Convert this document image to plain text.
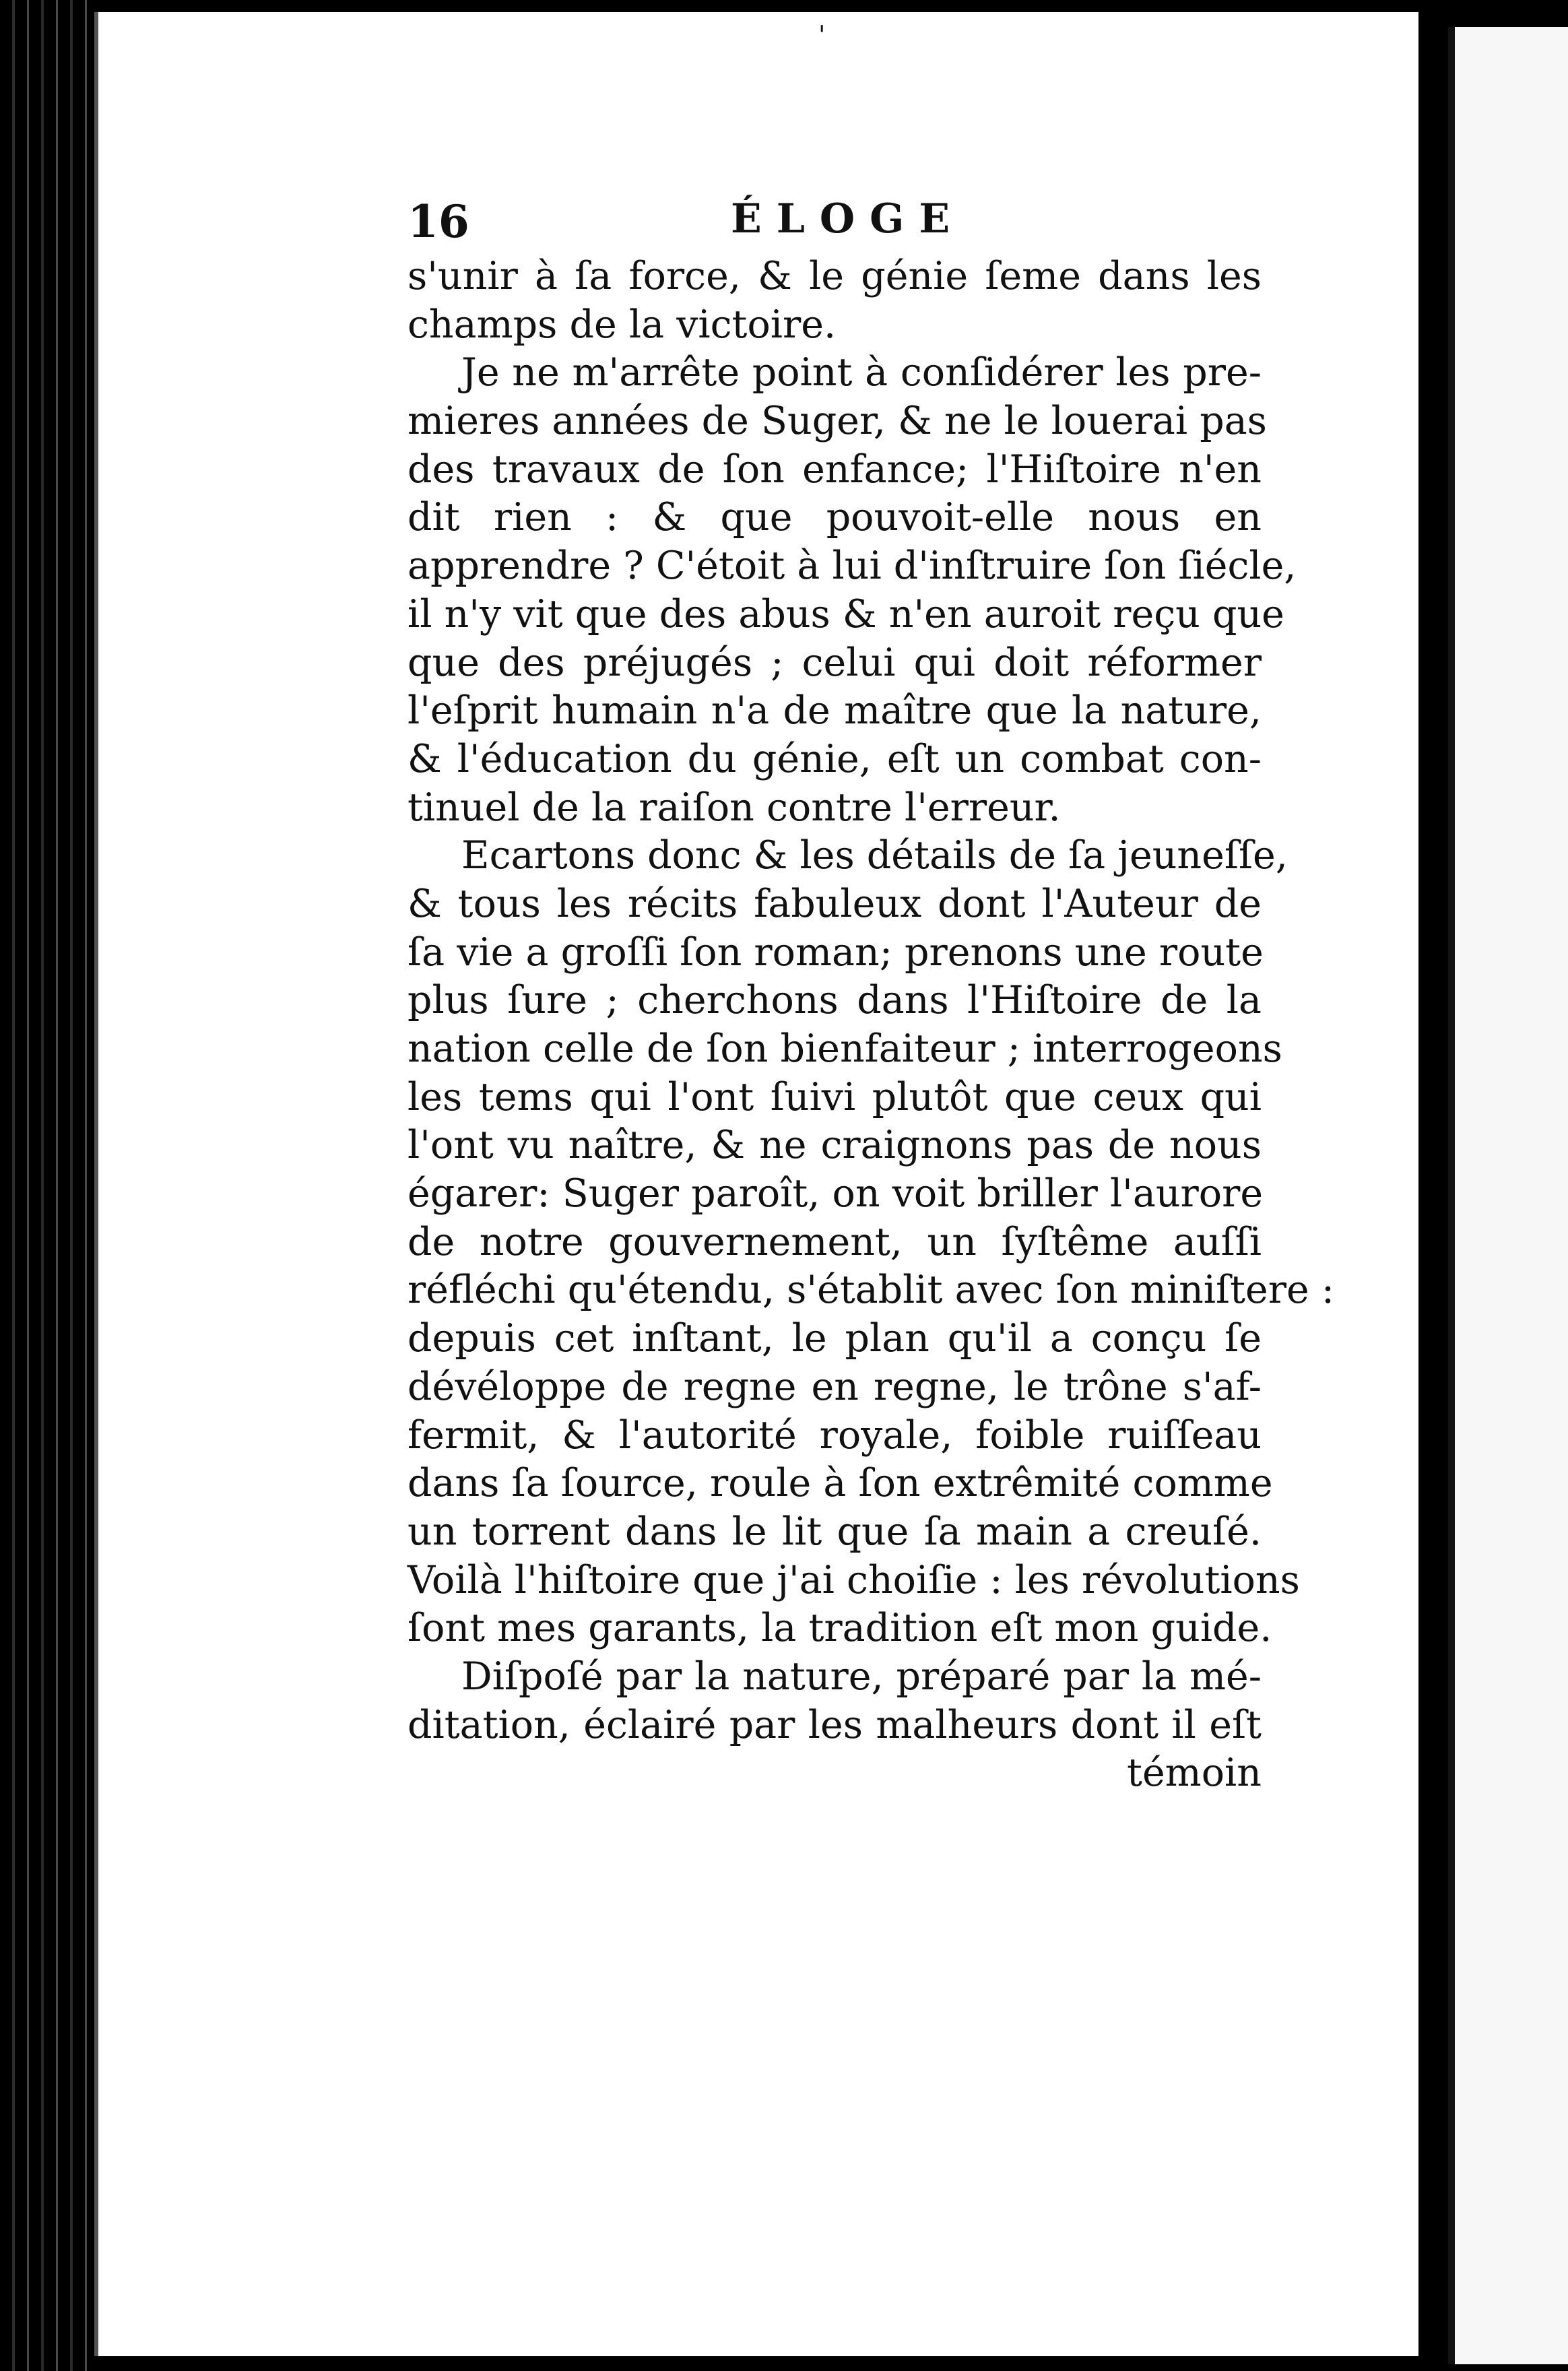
'
16	ÉLOGE
s'unir à ſa force, & le génie ſeme dans les
champs de la victoire.
Je ne m'arrête point à conſidérer les pre-
mieres années de Suger, & ne le louerai pas
des travaux de ſon enfance; l'Hiſtoire n'en
dit rien : & que pouvoit-elle nous en
apprendre ? C'étoit à lui d'inſtruire ſon ſiécle,
il n'y vit que des abus & n'en auroit reçu que
que des préjugés ; celui qui doit réformer
l'eſprit humain n'a de maître que la nature,
& l'éducation du génie, eſt un combat con-
tinuel de la raiſon contre l'erreur.
Ecartons donc & les détails de ſa jeuneſſe,
& tous les récits fabuleux dont l'Auteur de
ſa vie a groſſi ſon roman; prenons une route
plus ſure ; cherchons dans l'Hiſtoire de la
nation celle de ſon bienfaiteur ; interrogeons
les tems qui l'ont ſuivi plutôt que ceux qui
l'ont vu naître, & ne craignons pas de nous
égarer: Suger paroît, on voit briller l'aurore
de notre gouvernement, un ſyſtême auſſi
réfléchi qu'étendu, s'établit avec ſon miniſtere :
depuis cet inſtant, le plan qu'il a conçu ſe
dévéloppe de regne en regne, le trône s'af-
fermit, & l'autorité royale, foible ruiſſeau
dans ſa ſource, roule à ſon extrêmité comme
un torrent dans le lit que ſa main a creuſé.
Voilà l'hiſtoire que j'ai choiſie : les révolutions
ſont mes garants, la tradition eſt mon guide.
Diſpoſé par la nature, préparé par la mé-
ditation, éclairé par les malheurs dont il eſt
témoin
